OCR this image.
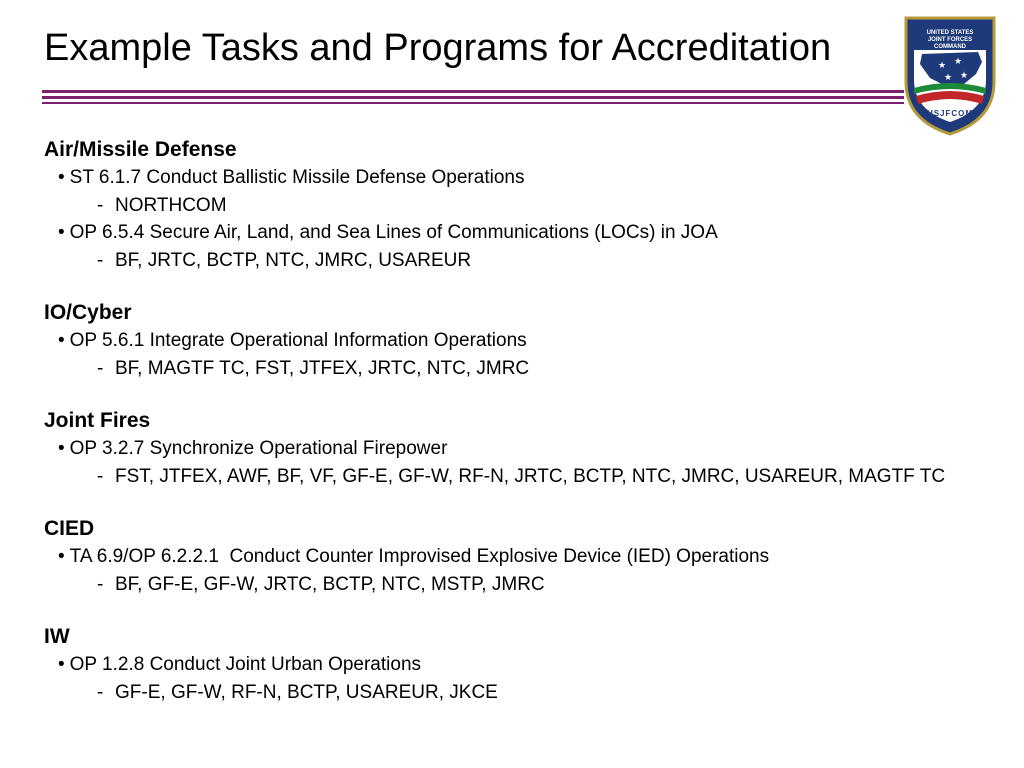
Example Tasks and Programs for Accreditation	UNITED STATES
JOINT FORCES
COMMAND
★ ★
★ ★
USJFCOM
Air/Missile Defense
• ST 6.1.7 Conduct Ballistic Missile Defense Operations
- NORTHCOM
• OP 6.5.4 Secure Air, Land, and Sea Lines of Communications (LOCs) in JOA
- BF, JRTC, BCTP, NTC, JMRC, USAREUR
IO/Cyber
• OP 5.6.1 Integrate Operational Information Operations
- BF, MAGTF TC, FST, JTFEX, JRTC, NTC, JMRC
Joint Fires
• OP 3.2.7 Synchronize Operational Firepower
- FST, JTFEX, AWF, BF, VF, GF-E, GF-W, RF-N, JRTC, BCTP, NTC, JMRC, USAREUR, MAGTF TC
CIED
• TA 6.9/OP 6.2.2.1  Conduct Counter Improvised Explosive Device (IED) Operations
- BF, GF-E, GF-W, JRTC, BCTP, NTC, MSTP, JMRC
IW
• OP 1.2.8 Conduct Joint Urban Operations
- GF-E, GF-W, RF-N, BCTP, USAREUR, JKCE
